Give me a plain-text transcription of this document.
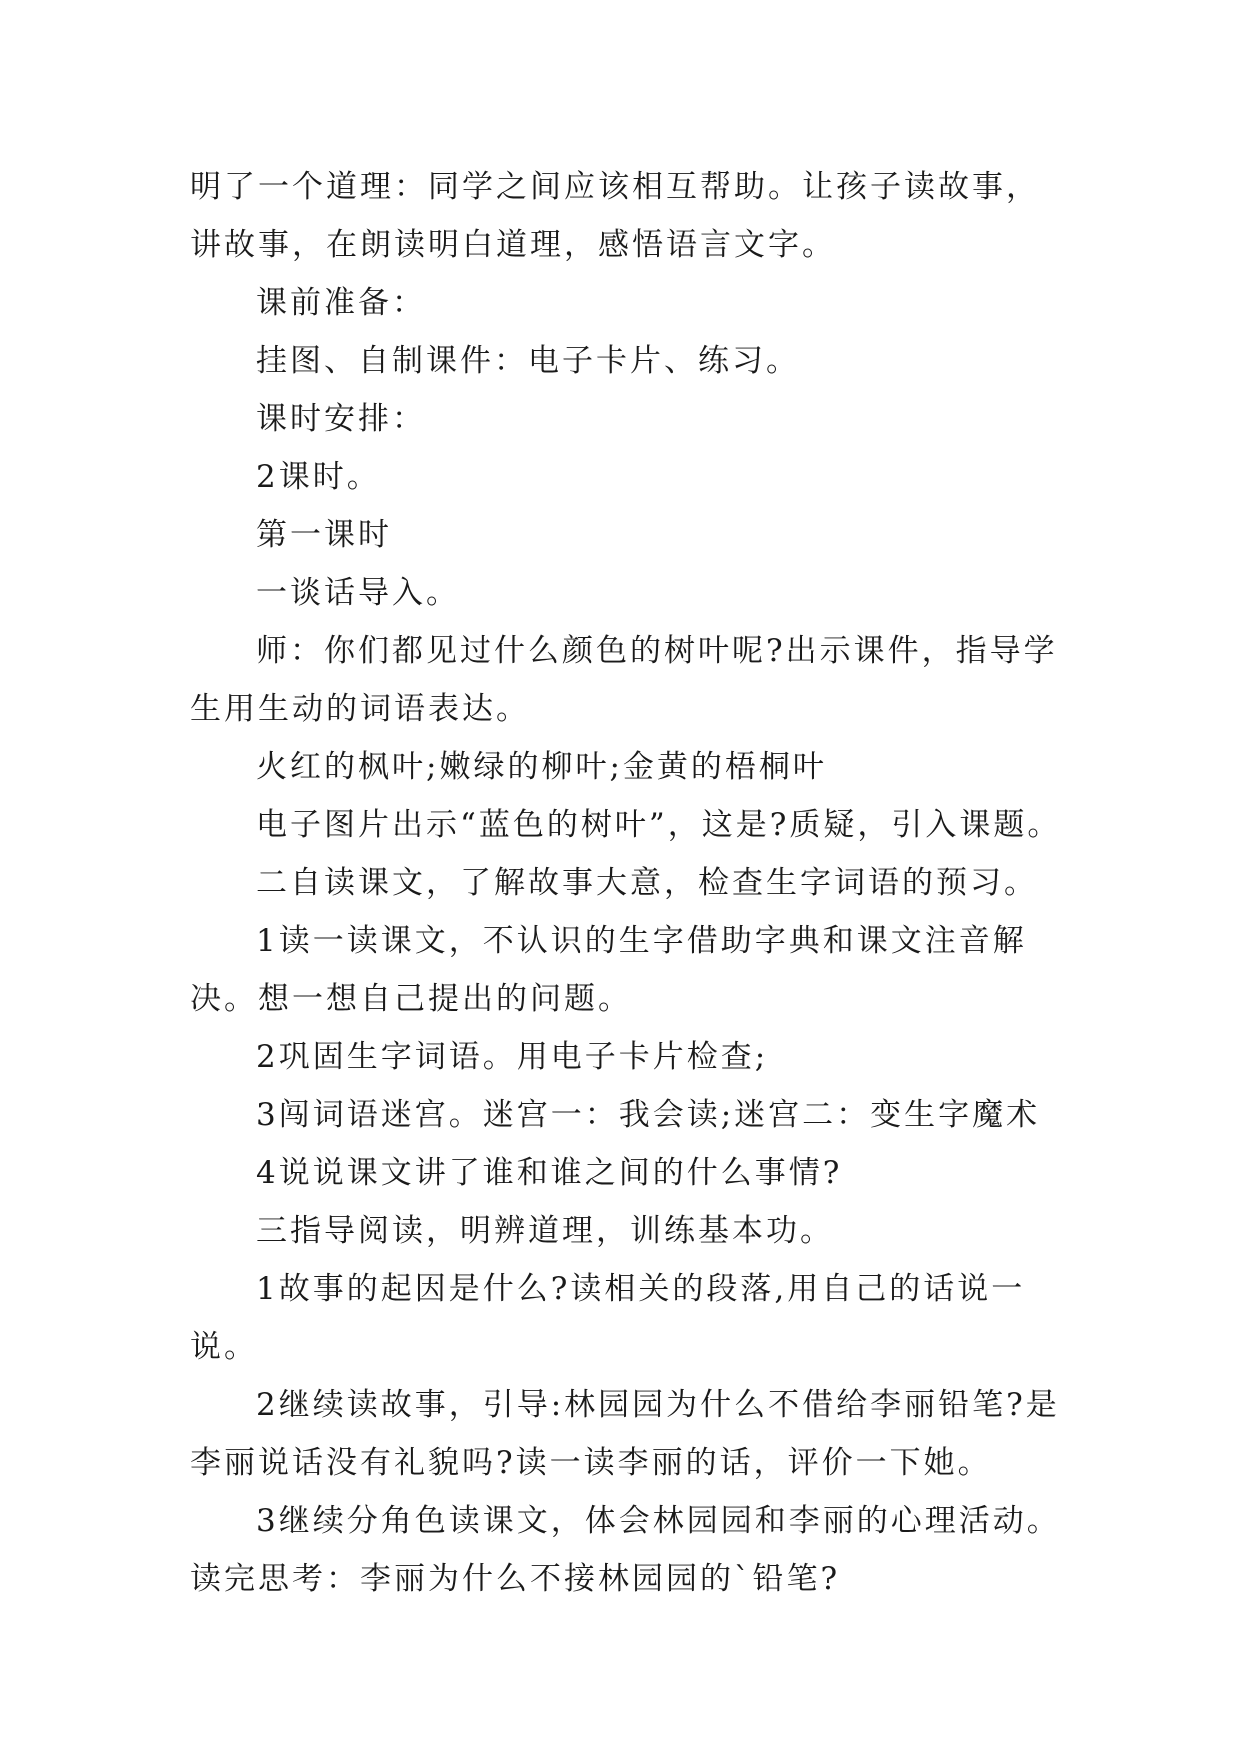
明了一个道理：同学之间应该相互帮助。让孩子读故事，讲故事，在朗读明白道理，感悟语言文字。

课前准备：

挂图、自制课件：电子卡片、练习。

课时安排：

2课时。

第一课时

一谈话导入。

师：你们都见过什么颜色的树叶呢?出示课件，指导学生用生动的词语表达。

火红的枫叶;嫩绿的柳叶;金黄的梧桐叶

电子图片出示“蓝色的树叶”，这是?质疑，引入课题。

二自读课文，了解故事大意，检查生字词语的预习。

1读一读课文，不认识的生字借助字典和课文注音解决。想一想自己提出的问题。

2巩固生字词语。用电子卡片检查;

3闯词语迷宫。迷宫一：我会读;迷宫二：变生字魔术

4说说课文讲了谁和谁之间的什么事情?

三指导阅读，明辨道理，训练基本功。

1故事的起因是什么?读相关的段落,用自己的话说一说。

2继续读故事，引导:林园园为什么不借给李丽铅笔?是李丽说话没有礼貌吗?读一读李丽的话，评价一下她。

3继续分角色读课文，体会林园园和李丽的心理活动。读完思考：李丽为什么不接林园园的`铅笔?
